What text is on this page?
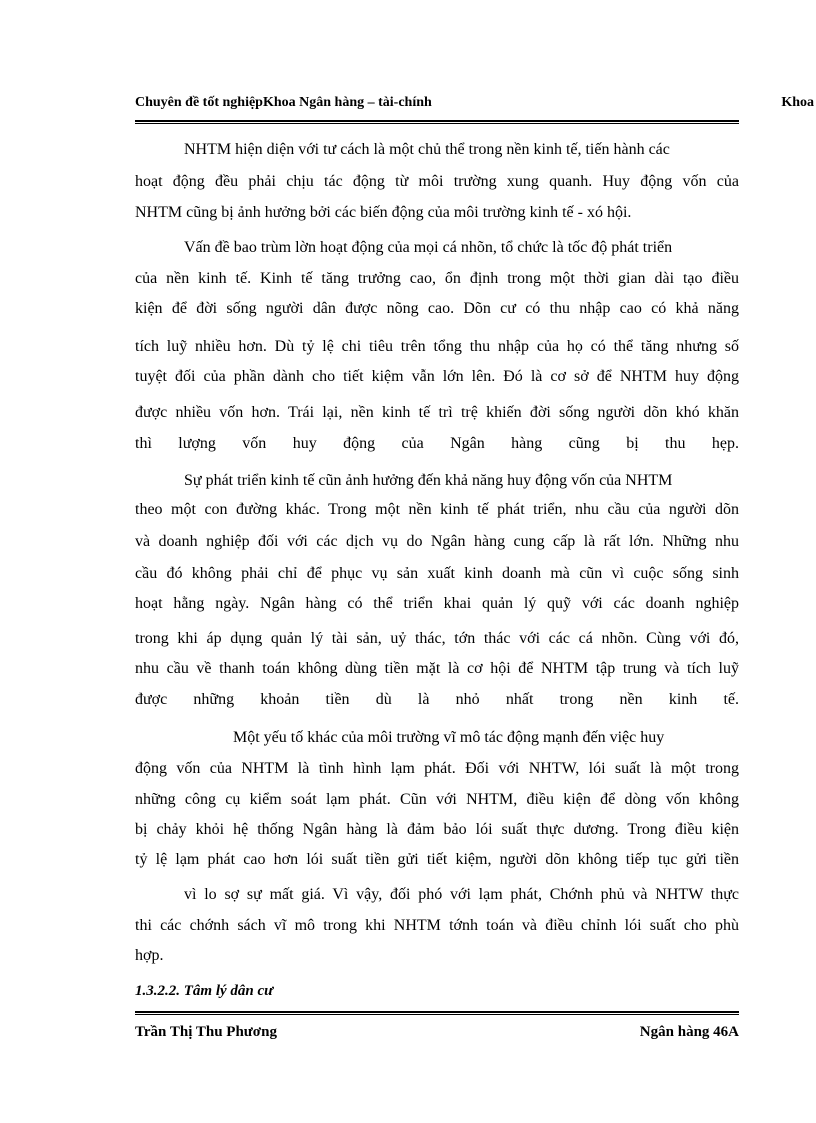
Chuyên đề tốt nghiệpKhoa Ngân hàng – tài-chính	Khoa
NHTM hiện diện với tư cách là một chủ thể trong nền kinh tế, tiến hành các
hoạt động đều phải chịu tác động từ môi trường xung quanh. Huy động vốn của
NHTM cũng bị ảnh hưởng bởi các biến động của môi trường kinh tế - xó hội.
Vấn đề bao trùm lờn hoạt động của mọi cá nhõn, tổ chức là tốc độ phát triển
của nền kinh tế. Kinh tế tăng trưởng cao, ổn định trong một thời gian dài tạo điều
kiện để đời sống người dân được nõng cao. Dõn cư có thu nhập cao có khả năng
tích luỹ nhiều hơn. Dù tỷ lệ chi tiêu trên tổng thu nhập của họ có thể tăng nhưng số
tuyệt đối của phần dành cho tiết kiệm vẫn lớn lên. Đó là cơ sở để NHTM huy động
được nhiều vốn hơn. Trái lại, nền kinh tế trì trệ khiến đời sống người dõn khó khăn
thì lượng vốn huy động của Ngân hàng cũng bị thu hẹp.
Sự phát triển kinh tế cũn ảnh hưởng đến khả năng huy động vốn của NHTM
theo một con đường khác. Trong một nền kinh tế phát triển, nhu cầu của người dõn
và doanh nghiệp đối với các dịch vụ do Ngân hàng cung cấp là rất lớn. Những nhu
cầu đó không phải chỉ để phục vụ sản xuất kinh doanh mà cũn vì cuộc sống sinh
hoạt hằng ngày. Ngân hàng có thể triển khai quản lý quỹ với các doanh nghiệp
trong khi áp dụng quản lý tài sản, uỷ thác, tớn thác với các cá nhõn. Cùng với đó,
nhu cầu về thanh toán không dùng tiền mặt là cơ hội để NHTM tập trung và tích luỹ
được những khoản tiền dù là nhỏ nhất trong nền kinh tế.
Một yếu tố khác của môi trường vĩ mô tác động mạnh đến việc huy
động vốn của NHTM là tình hình lạm phát. Đối với NHTW, lói suất là một trong
những công cụ kiểm soát lạm phát. Cũn với NHTM, điều kiện để dòng vốn không
bị chảy khỏi hệ thống Ngân hàng là đảm bảo lói suất thực dương. Trong điều kiện
tỷ lệ lạm phát cao hơn lói suất tiền gửi tiết kiệm, người dõn không tiếp tục gửi tiền
vì lo sợ sự mất giá. Vì vậy, đối phó với lạm phát, Chớnh phủ và NHTW thực
thi các chớnh sách vĩ mô trong khi NHTM tớnh toán và điều chỉnh lói suất cho phù
hợp.
1.3.2.2. Tâm lý dân cư
Trần Thị Thu Phương	Ngân hàng 46A
